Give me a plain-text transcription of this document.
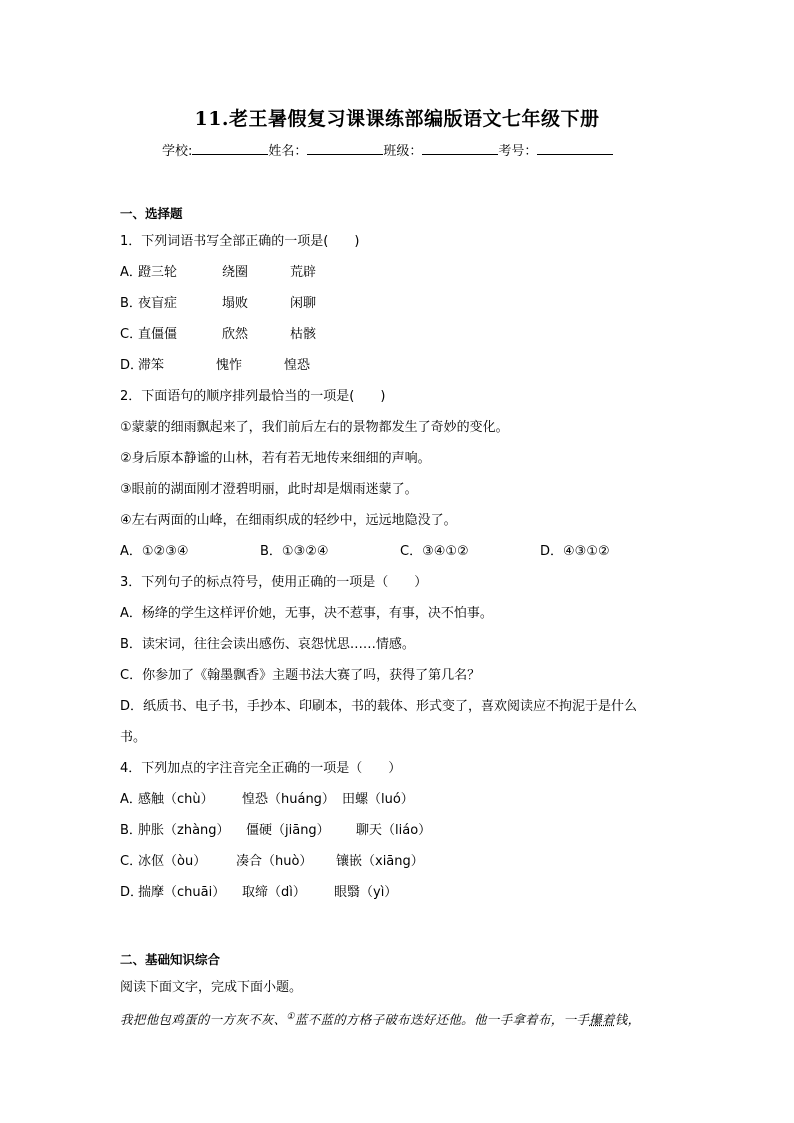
11.老王暑假复习课课练部编版语文七年级下册
学校:	姓名：	班级：	考号：
一、选择题
1．下列词语书写全部正确的一项是(　　)
A．蹬三轮	绕圈	荒辟
B．夜盲症	塌败	闲聊
C．直僵僵	欣然	枯骸
D．滞笨	愧怍	惶恐
2．下面语句的顺序排列最恰当的一项是(　　)
①蒙蒙的细雨飘起来了，我们前后左右的景物都发生了奇妙的变化。
②身后原本静谧的山林，若有若无地传来细细的声响。
③眼前的湖面刚才澄碧明丽，此时却是烟雨迷蒙了。
④左右两面的山峰，在细雨织成的轻纱中，远远地隐没了。
A．①②③④	B．①③②④	C．③④①②	D．④③①②
3．下列句子的标点符号，使用正确的一项是（　　）
A．杨绛的学生这样评价她，无事，决不惹事，有事，决不怕事。
B．读宋词，往往会读出感伤、哀怨忧思……情感。
C．你参加了《翰墨飘香》主题书法大赛了吗，获得了第几名？
D．纸质书、电子书，手抄本、印刷本，书的载体、形式变了，喜欢阅读应不拘泥于是什么
书。
4．下列加点的字注音完全正确的一项是（　　）
A．感触（chù） 惶恐（huáng） 田螺（luó）
B．肿胀（zhàng） 僵硬（jiāng） 聊天（liáo）
C．冰伛（òu） 凑合（huò） 镶嵌（xiāng）
D．揣摩（chuāi） 取缔（dì） 眼翳（yì）
二、基础知识综合
阅读下面文字，完成下面小题。
我把他包鸡蛋的一方灰不灰、①蓝不蓝的方格子破布迭好还他。他一手拿着布，一手攥着钱，
